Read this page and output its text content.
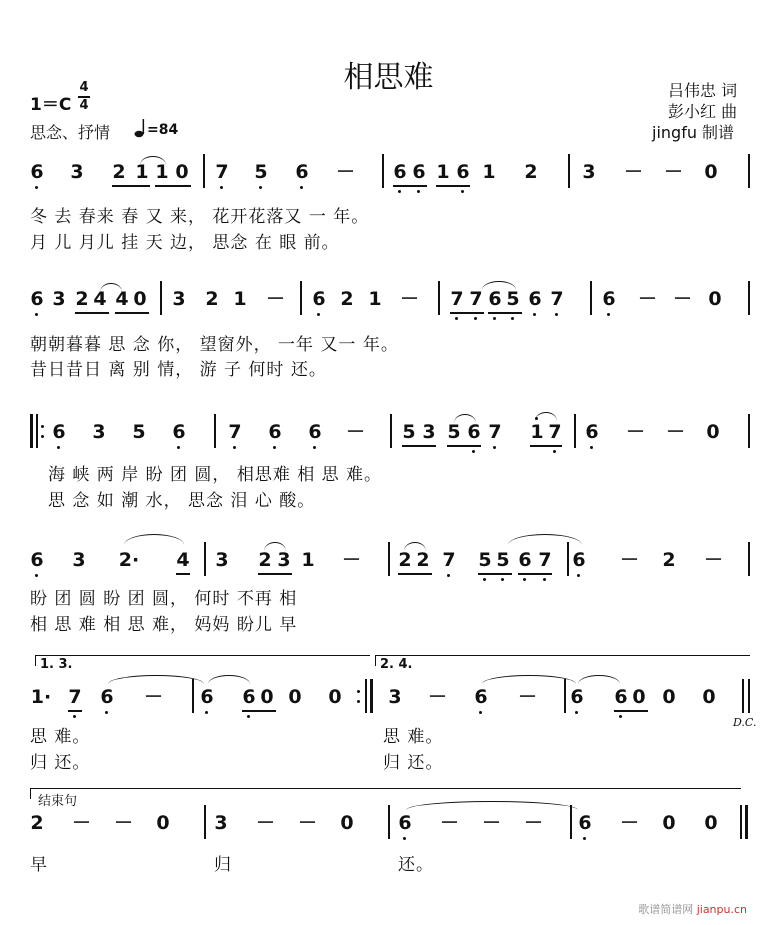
相思难
1＝C
4
4
思念、抒情	=84
吕伟忠 词
彭小红 曲
jingfu 制谱
6 3 2 1 1 0 7 5 6 － 6 6 1 6 1 2 3 － － 0
冬 去 春来 春 又 来， 花开花落又 一 年。
月 儿 月儿 挂 天 边， 思念 在 眼 前。
6 3 2 4 4 0 3 2 1 － 6 2 1 － 7 7 6 5 6 7 6 － － 0
朝朝暮暮 思 念 你， 望窗外， 一年 又一 年。
昔日昔日 离 别 情， 游 子 何时 还。
6 3 5 6 7 6 6 － 5 3 5 6 7 1 7 6 － － 0
海 峡 两 岸 盼 团 圆， 相思难 相 思 难。
思 念 如 潮 水， 思念 泪 心 酸。
6 3 2· 4 3 2 3 1 － 2 2 7 5 5 6 7 6 － 2 －
盼 团 圆 盼 团 圆， 何时 不再 相
相 思 难 相 思 难， 妈妈 盼儿 早
1. 3.	2. 4.
1· 7 6 － 6 6 0 0 0 3 － 6 － 6 6 0 0 0
D.C.
思 难。
归 还。
思 难。
归 还。
结束句
2 － － 0 3 － － 0 6 － － － 6 － 0 0
早	归	还。
歌谱简谱网 jianpu.cn
